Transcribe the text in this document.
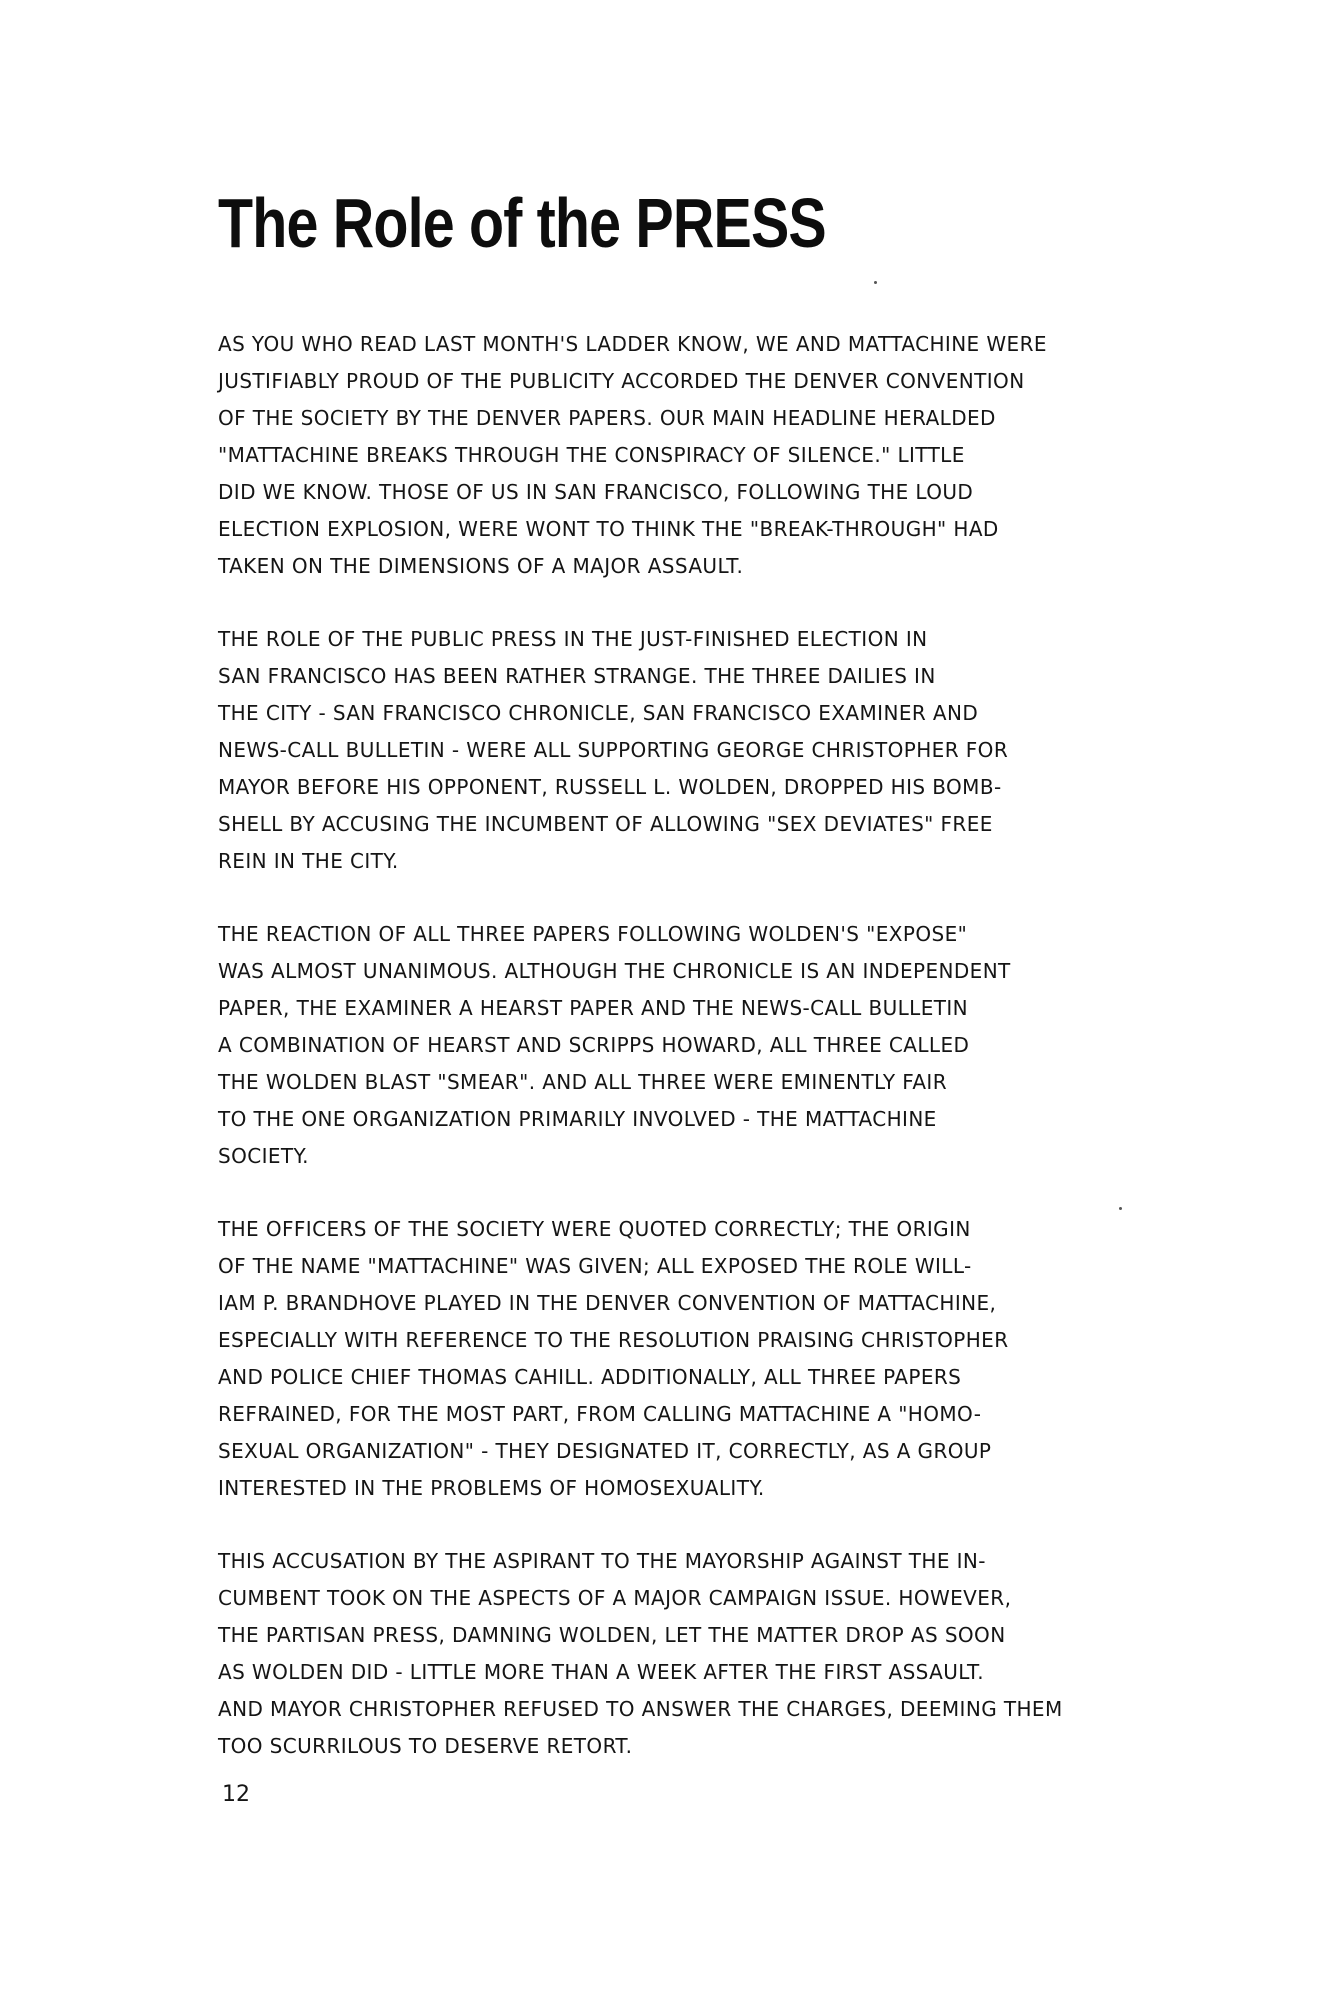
The Role of the PRESS

AS YOU WHO READ LAST MONTH'S LADDER KNOW, WE AND MATTACHINE WERE
JUSTIFIABLY PROUD OF THE PUBLICITY ACCORDED THE DENVER CONVENTION
OF THE SOCIETY BY THE DENVER PAPERS. OUR MAIN HEADLINE HERALDED
"MATTACHINE BREAKS THROUGH THE CONSPIRACY OF SILENCE." LITTLE
DID WE KNOW. THOSE OF US IN SAN FRANCISCO, FOLLOWING THE LOUD
ELECTION EXPLOSION, WERE WONT TO THINK THE "BREAK-THROUGH" HAD
TAKEN ON THE DIMENSIONS OF A MAJOR ASSAULT.

THE ROLE OF THE PUBLIC PRESS IN THE JUST-FINISHED ELECTION IN
SAN FRANCISCO HAS BEEN RATHER STRANGE. THE THREE DAILIES IN
THE CITY - SAN FRANCISCO CHRONICLE, SAN FRANCISCO EXAMINER AND
NEWS-CALL BULLETIN - WERE ALL SUPPORTING GEORGE CHRISTOPHER FOR
MAYOR BEFORE HIS OPPONENT, RUSSELL L. WOLDEN, DROPPED HIS BOMB-
SHELL BY ACCUSING THE INCUMBENT OF ALLOWING "SEX DEVIATES" FREE
REIN IN THE CITY.

THE REACTION OF ALL THREE PAPERS FOLLOWING WOLDEN'S "EXPOSE"
WAS ALMOST UNANIMOUS. ALTHOUGH THE CHRONICLE IS AN INDEPENDENT
PAPER, THE EXAMINER A HEARST PAPER AND THE NEWS-CALL BULLETIN
A COMBINATION OF HEARST AND SCRIPPS HOWARD, ALL THREE CALLED
THE WOLDEN BLAST "SMEAR". AND ALL THREE WERE EMINENTLY FAIR
TO THE ONE ORGANIZATION PRIMARILY INVOLVED - THE MATTACHINE
SOCIETY.

THE OFFICERS OF THE SOCIETY WERE QUOTED CORRECTLY; THE ORIGIN
OF THE NAME "MATTACHINE" WAS GIVEN; ALL EXPOSED THE ROLE WILL-
IAM P. BRANDHOVE PLAYED IN THE DENVER CONVENTION OF MATTACHINE,
ESPECIALLY WITH REFERENCE TO THE RESOLUTION PRAISING CHRISTOPHER
AND POLICE CHIEF THOMAS CAHILL. ADDITIONALLY, ALL THREE PAPERS
REFRAINED, FOR THE MOST PART, FROM CALLING MATTACHINE A "HOMO-
SEXUAL ORGANIZATION" - THEY DESIGNATED IT, CORRECTLY, AS A GROUP
INTERESTED IN THE PROBLEMS OF HOMOSEXUALITY.

THIS ACCUSATION BY THE ASPIRANT TO THE MAYORSHIP AGAINST THE IN-
CUMBENT TOOK ON THE ASPECTS OF A MAJOR CAMPAIGN ISSUE. HOWEVER,
THE PARTISAN PRESS, DAMNING WOLDEN, LET THE MATTER DROP AS SOON
AS WOLDEN DID - LITTLE MORE THAN A WEEK AFTER THE FIRST ASSAULT.
AND MAYOR CHRISTOPHER REFUSED TO ANSWER THE CHARGES, DEEMING THEM
TOO SCURRILOUS TO DESERVE RETORT.

12
